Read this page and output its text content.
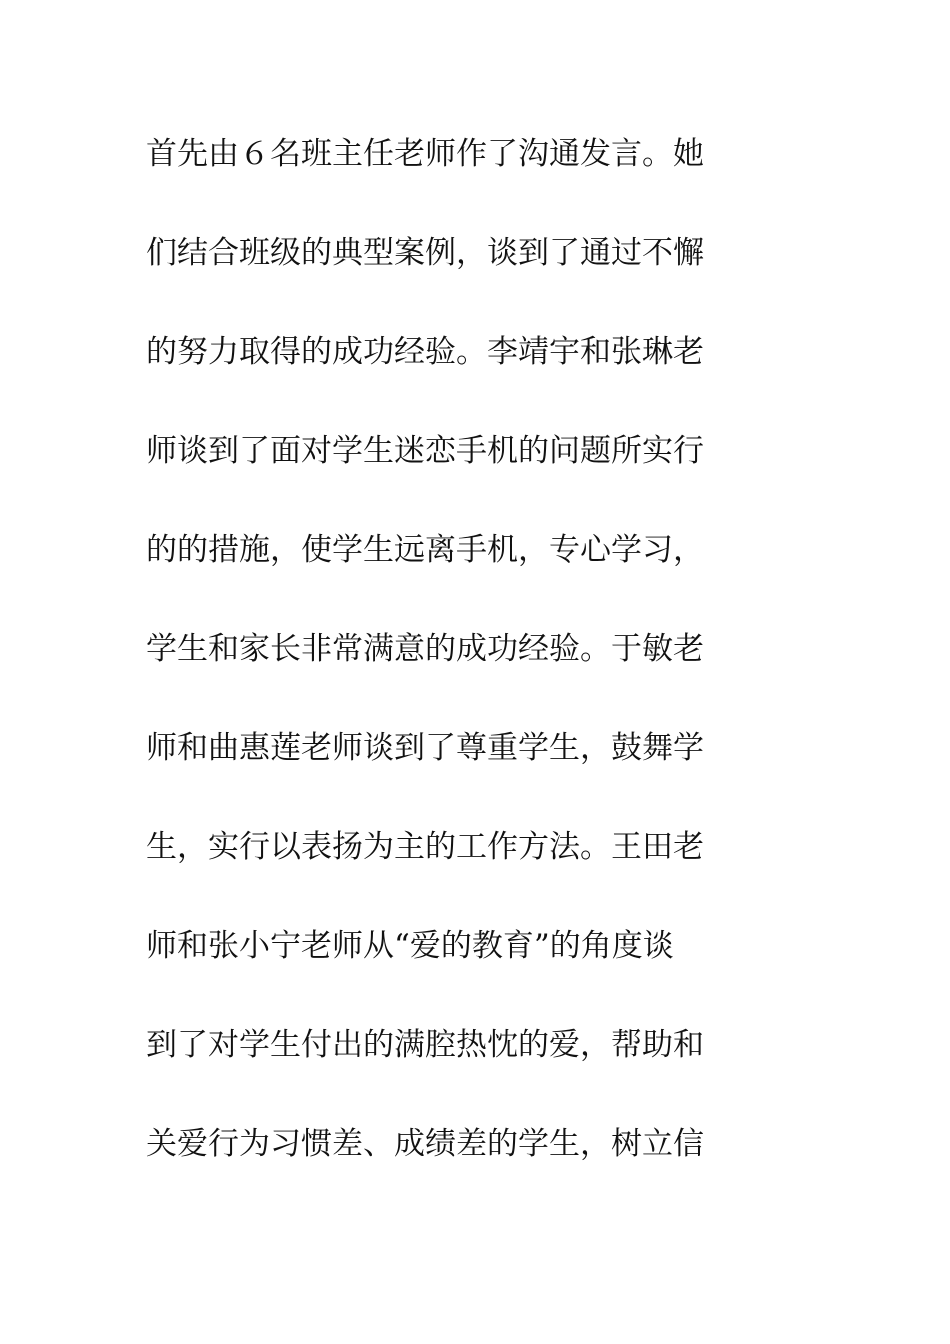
首先由６名班主任老师作了沟通发言。她
们结合班级的典型案例，谈到了通过不懈
的努力取得的成功经验。李靖宇和张琳老
师谈到了面对学生迷恋手机的问题所实行
的的措施，使学生远离手机，专心学习，
学生和家长非常满意的成功经验。于敏老
师和曲惠莲老师谈到了尊重学生，鼓舞学
生，实行以表扬为主的工作方法。王田老
师和张小宁老师从“爱的教育”的角度谈
到了对学生付出的满腔热忱的爱，帮助和
关爱行为习惯差、成绩差的学生，树立信
